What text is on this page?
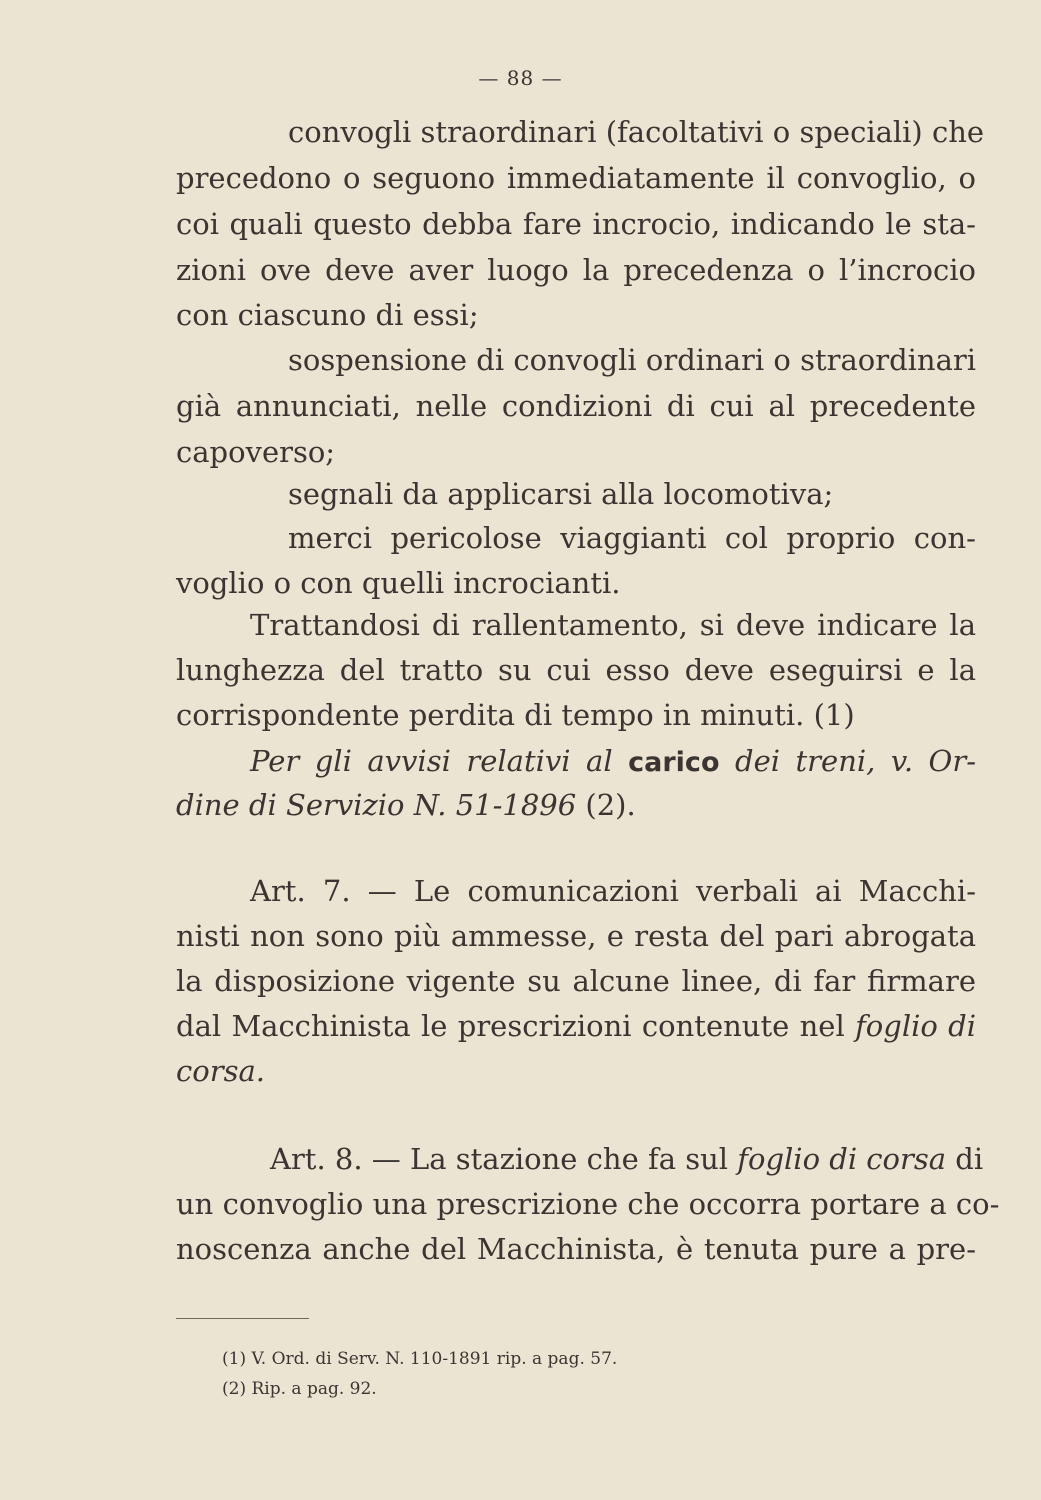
— 88 —
convogli straordinari (facoltativi o speciali) che
precedono o seguono immediatamente il convoglio, o
coi quali questo debba fare incrocio, indicando le sta-
zioni ove deve aver luogo la precedenza o l’incrocio
con ciascuno di essi;
sospensione di convogli ordinari o straordinari
già annunciati, nelle condizioni di cui al precedente
capoverso;
segnali da applicarsi alla locomotiva;
merci pericolose viaggianti col proprio con-
voglio o con quelli incrocianti.
Trattandosi di rallentamento, si deve indicare la
lunghezza del tratto su cui esso deve eseguirsi e la
corrispondente perdita di tempo in minuti. (1)
Per gli avvisi relativi al carico dei treni, v. Or-
dine di Servizio N. 51-1896 (2).
Art. 7. — Le comunicazioni verbali ai Macchi-
nisti non sono più ammesse, e resta del pari abrogata
la disposizione vigente su alcune linee, di far firmare
dal Macchinista le prescrizioni contenute nel foglio di
corsa.
Art. 8. — La stazione che fa sul foglio di corsa di
un convoglio una prescrizione che occorra portare a co-
noscenza anche del Macchinista, è tenuta pure a pre-
(1) V. Ord. di Serv. N. 110-1891 rip. a pag. 57.
(2) Rip. a pag. 92.
